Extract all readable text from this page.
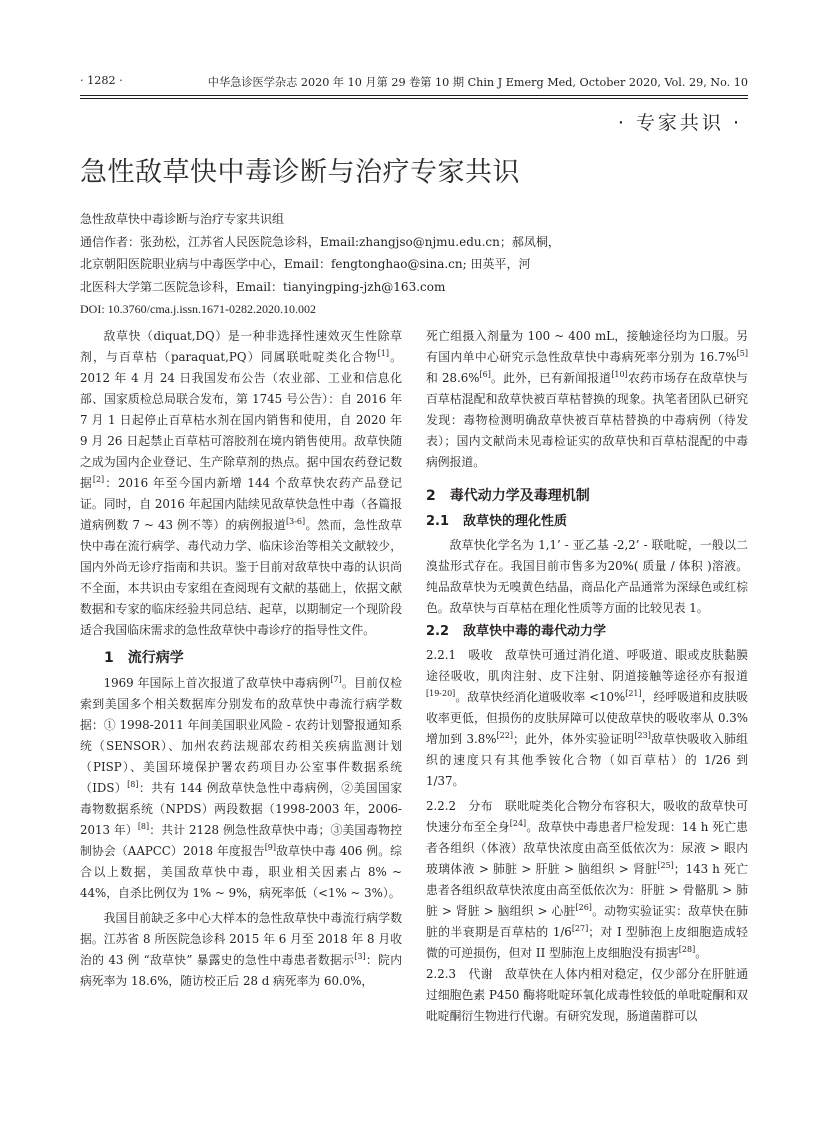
· 1282 ·	中华急诊医学杂志 2020 年 10 月第 29 卷第 10 期 Chin J Emerg Med, October 2020, Vol. 29, No. 10
· 专家共识 ·
急性敌草快中毒诊断与治疗专家共识
急性敌草快中毒诊断与治疗专家共识组
通信作者：张劲松，江苏省人民医院急诊科，Email:zhangjso@njmu.edu.cn；郝凤桐，
北京朝阳医院职业病与中毒医学中心，Email：fengtonghao@sina.cn; 田英平，河
北医科大学第二医院急诊科，Email：tianyingping-jzh@163.com
DOI: 10.3760/cma.j.issn.1671-0282.2020.10.002

敌草快（diquat,DQ）是一种非选择性速效灭生性除草剂，与百草枯（paraquat,PQ）同属联吡啶类化合物[1]。2012 年 4 月 24 日我国发布公告（农业部、工业和信息化部、国家质检总局联合发布，第 1745 号公告）：自 2016 年 7 月 1 日起停止百草枯水剂在国内销售和使用，自 2020 年 9 月 26 日起禁止百草枯可溶胶剂在境内销售使用。敌草快随之成为国内企业登记、生产除草剂的热点。据中国农药登记数据[2]：2016 年至今国内新增 144 个敌草快农药产品登记证。同时，自 2016 年起国内陆续见敌草快急性中毒（各篇报道病例数 7 ~ 43 例不等）的病例报道[3-6]。然而，急性敌草快中毒在流行病学、毒代动力学、临床诊治等相关文献较少，国内外尚无诊疗指南和共识。鉴于目前对敌草快中毒的认识尚不全面，本共识由专家组在查阅现有文献的基础上，依据文献数据和专家的临床经验共同总结、起草，以期制定一个现阶段适合我国临床需求的急性敌草快中毒诊疗的指导性文件。

1 流行病学

1969 年国际上首次报道了敌草快中毒病例[7]。目前仅检索到美国多个相关数据库分别发布的敌草快中毒流行病学数据：① 1998-2011 年间美国职业风险 - 农药计划警报通知系统（SENSOR）、加州农药法规部农药相关疾病监测计划（PISP）、美国环境保护署农药项目办公室事件数据系统（IDS）[8]：共有 144 例敌草快急性中毒病例，②美国国家毒物数据系统（NPDS）两段数据（1998-2003 年，2006-2013 年）[8]：共计 2128 例急性敌草快中毒；③美国毒物控制协会（AAPCC）2018 年度报告[9]敌草快中毒 406 例。综合以上数据，美国敌草快中毒，职业相关因素占 8% ~ 44%，自杀比例仅为 1% ~ 9%，病死率低（<1% ~ 3%）。

我国目前缺乏多中心大样本的急性敌草快中毒流行病学数据。江苏省 8 所医院急诊科 2015 年 6 月至 2018 年 8 月收治的 43 例 “敌草快” 暴露史的急性中毒患者数据示[3]：院内病死率为 18.6%，随访校正后 28 d 病死率为 60.0%，

死亡组摄入剂量为 100 ~ 400 mL，接触途径均为口服。另有国内单中心研究示急性敌草快中毒病死率分别为 16.7%[5]和 28.6%[6]。此外，已有新闻报道[10]农药市场存在敌草快与百草枯混配和敌草快被百草枯替换的现象。执笔者团队已研究发现：毒物检测明确敌草快被百草枯替换的中毒病例（待发表）；国内文献尚未见毒检证实的敌草快和百草枯混配的中毒病例报道。

2 毒代动力学及毒理机制
2.1 敌草快的理化性质

敌草快化学名为 1,1’ - 亚乙基 -2,2’ - 联吡啶，一般以二溴盐形式存在。我国目前市售多为20%( 质量 / 体积 )溶液。纯品敌草快为无嗅黄色结晶，商品化产品通常为深绿色或红棕色。敌草快与百草枯在理化性质等方面的比较见表 1。

2.2 敌草快中毒的毒代动力学

2.2.1　吸收　敌草快可通过消化道、呼吸道、眼或皮肤黏膜途径吸收，肌肉注射、皮下注射、阴道接触等途径亦有报道[19-20]。敌草快经消化道吸收率 <10%[21]，经呼吸道和皮肤吸收率更低，但损伤的皮肤屏障可以使敌草快的吸收率从 0.3% 增加到 3.8%[22]；此外，体外实验证明[23]敌草快吸收入肺组织的速度只有其他季铵化合物（如百草枯）的 1/26 到 1/37。

2.2.2　分布　联吡啶类化合物分布容积大，吸收的敌草快可快速分布至全身[24]。敌草快中毒患者尸检发现：14 h 死亡患者各组织（体液）敌草快浓度由高至低依次为：尿液 > 眼内玻璃体液 > 肺脏 > 肝脏 > 脑组织 > 肾脏[25]；143 h 死亡患者各组织敌草快浓度由高至低依次为：肝脏 > 骨骼肌 > 肺脏 > 肾脏 > 脑组织 > 心脏[26]。动物实验证实：敌草快在肺脏的半衰期是百草枯的 1/6[27]；对 I 型肺泡上皮细胞造成轻微的可逆损伤，但对 II 型肺泡上皮细胞没有损害[28]。

2.2.3　代谢　敌草快在人体内相对稳定，仅少部分在肝脏通过细胞色素 P450 酶将吡啶环氧化成毒性较低的单吡啶酮和双吡啶酮衍生物进行代谢。有研究发现，肠道菌群可以
